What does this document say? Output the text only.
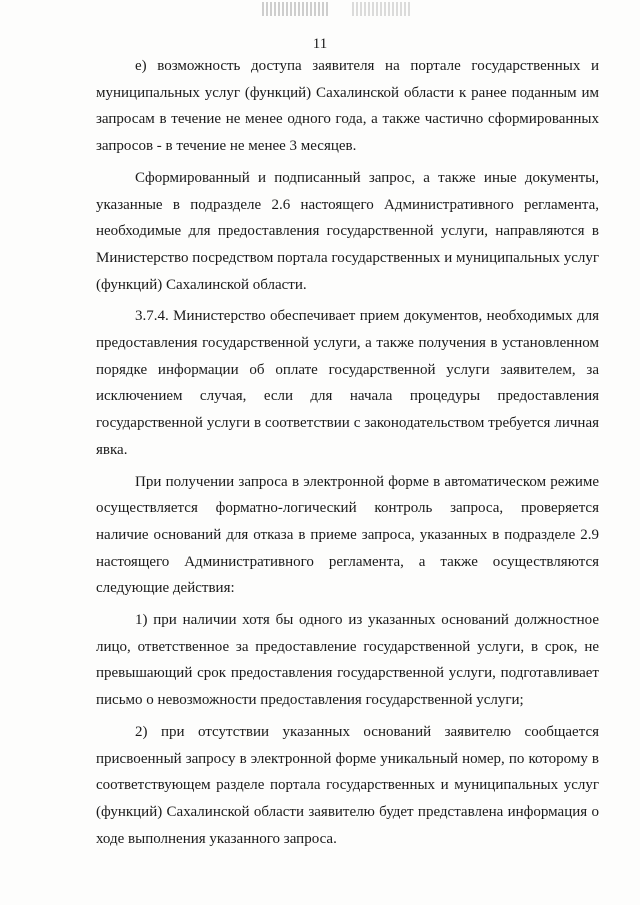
11

е) возможность доступа заявителя на портале государственных и муниципальных услуг (функций) Сахалинской области к ранее поданным им запросам в течение не менее одного года, а также частично сформированных запросов - в течение не менее 3 месяцев.

Сформированный и подписанный запрос, а также иные документы, указанные в подразделе 2.6 настоящего Административного регламента, необходимые для предоставления государственной услуги, направляются в Министерство посредством портала государственных и муниципальных услуг (функций) Сахалинской области.

3.7.4. Министерство обеспечивает прием документов, необходимых для предоставления государственной услуги, а также получения в установленном порядке информации об оплате государственной услуги заявителем, за исключением случая, если для начала процедуры предоставления государственной услуги в соответствии с законодательством требуется личная явка.

При получении запроса в электронной форме в автоматическом режиме осуществляется форматно-логический контроль запроса, проверяется наличие оснований для отказа в приеме запроса, указанных в подразделе 2.9 настоящего Административного регламента, а также осуществляются следующие действия:

1) при наличии хотя бы одного из указанных оснований должностное лицо, ответственное за предоставление государственной услуги, в срок, не превышающий срок предоставления государственной услуги, подготавливает письмо о невозможности предоставления государственной услуги;

2) при отсутствии указанных оснований заявителю сообщается присвоенный запросу в электронной форме уникальный номер, по которому в соответствующем разделе портала государственных и муниципальных услуг (функций) Сахалинской области заявителю будет представлена информация о ходе выполнения указанного запроса.
